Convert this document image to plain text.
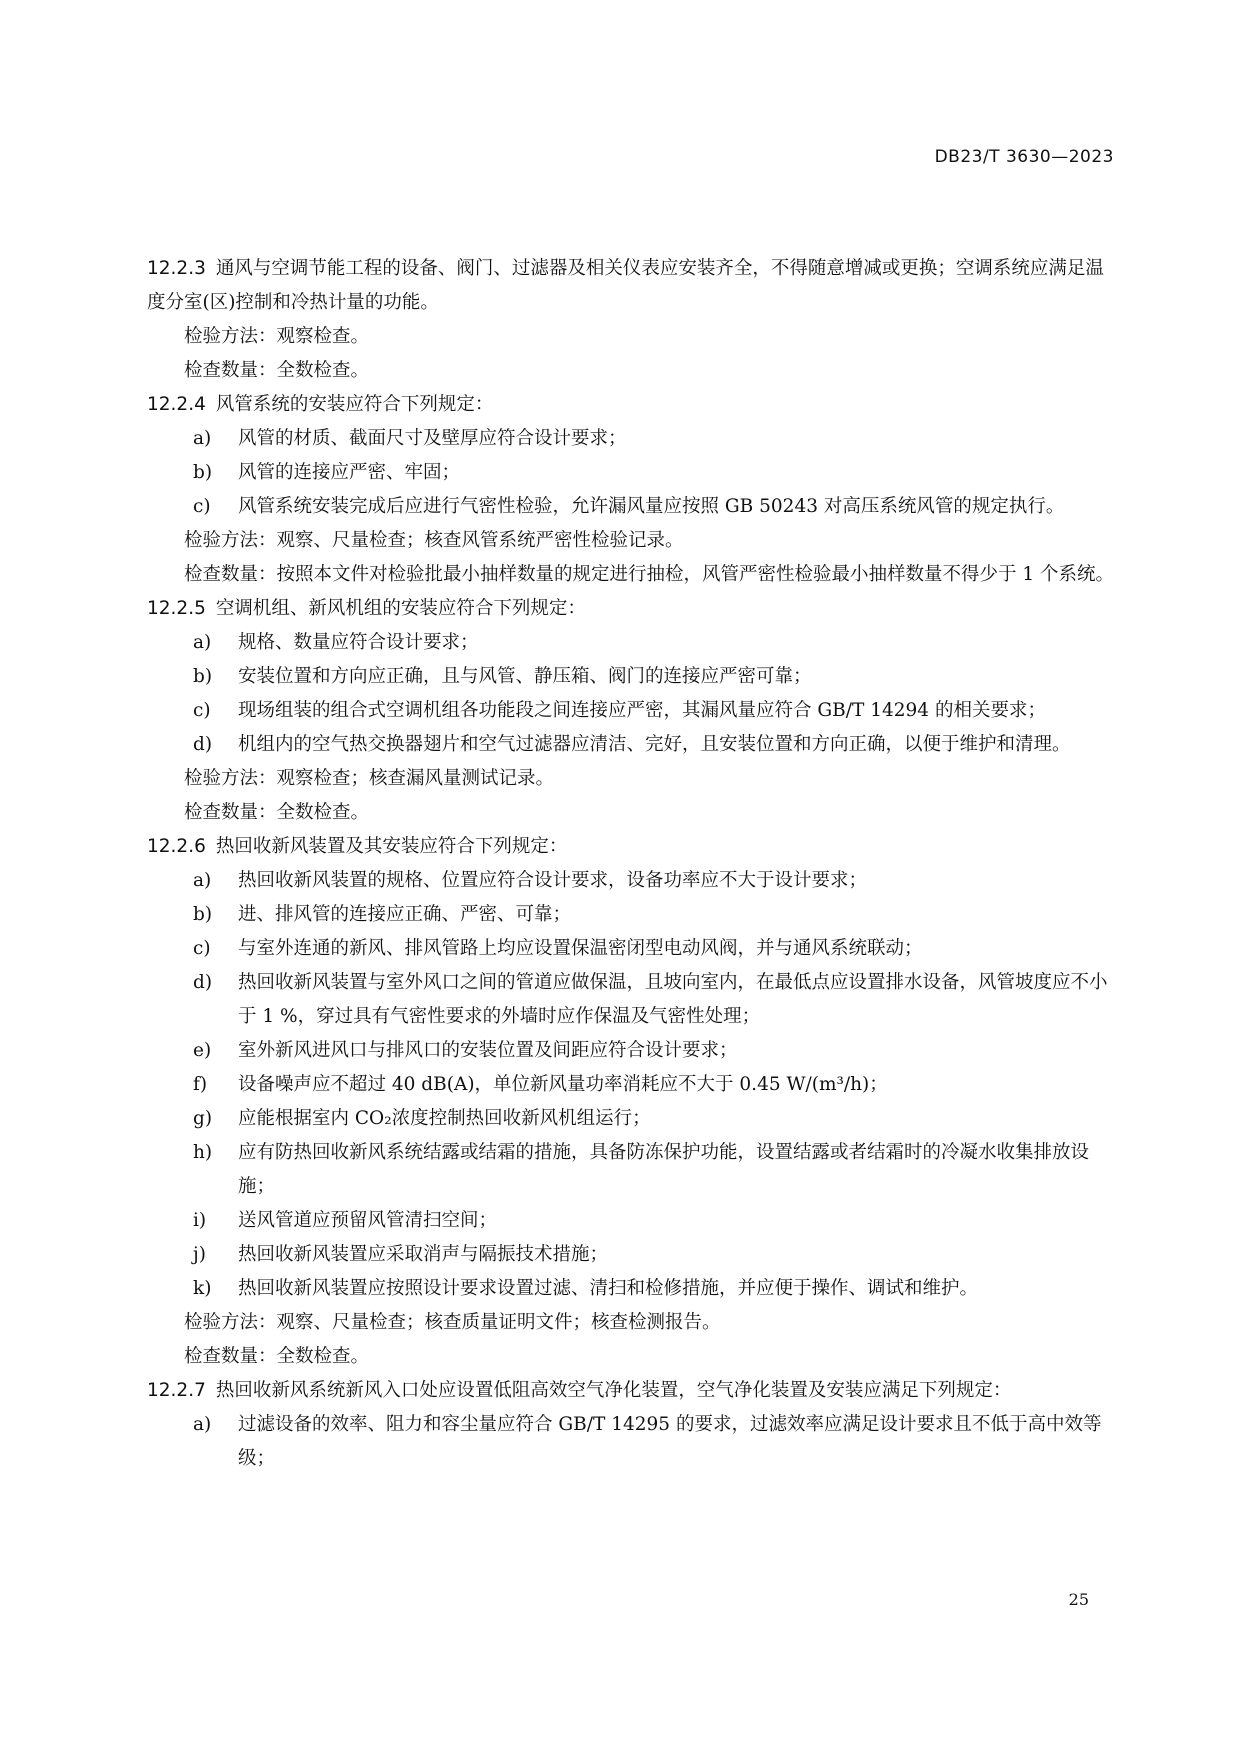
DB23/T 3630—2023

12.2.3 通风与空调节能工程的设备、阀门、过滤器及相关仪表应安装齐全，不得随意增减或更换；空调系统应满足温度分室(区)控制和冷热计量的功能。

检验方法：观察检查。

检查数量：全数检查。

12.2.4 风管系统的安装应符合下列规定：

a)	风管的材质、截面尺寸及壁厚应符合设计要求；
b)	风管的连接应严密、牢固；
c)	风管系统安装完成后应进行气密性检验，允许漏风量应按照 GB 50243 对高压系统风管的规定执行。

检验方法：观察、尺量检查；核查风管系统严密性检验记录。

检查数量：按照本文件对检验批最小抽样数量的规定进行抽检，风管严密性检验最小抽样数量不得少于 1 个系统。

12.2.5 空调机组、新风机组的安装应符合下列规定：

a)	规格、数量应符合设计要求；
b)	安装位置和方向应正确，且与风管、静压箱、阀门的连接应严密可靠；
c)	现场组装的组合式空调机组各功能段之间连接应严密，其漏风量应符合 GB/T 14294 的相关要求；
d)	机组内的空气热交换器翅片和空气过滤器应清洁、完好，且安装位置和方向正确，以便于维护和清理。

检验方法：观察检查；核查漏风量测试记录。

检查数量：全数检查。

12.2.6 热回收新风装置及其安装应符合下列规定：

a)	热回收新风装置的规格、位置应符合设计要求，设备功率应不大于设计要求；
b)	进、排风管的连接应正确、严密、可靠；
c)	与室外连通的新风、排风管路上均应设置保温密闭型电动风阀，并与通风系统联动；
d)	热回收新风装置与室外风口之间的管道应做保温，且坡向室内，在最低点应设置排水设备，风管坡度应不小于 1 %，穿过具有气密性要求的外墙时应作保温及气密性处理；
e)	室外新风进风口与排风口的安装位置及间距应符合设计要求；
f)	设备噪声应不超过 40 dB(A)，单位新风量功率消耗应不大于 0.45 W/(m³/h)；
g)	应能根据室内 CO₂浓度控制热回收新风机组运行；
h)	应有防热回收新风系统结露或结霜的措施，具备防冻保护功能，设置结露或者结霜时的冷凝水收集排放设施；
i)	送风管道应预留风管清扫空间；
j)	热回收新风装置应采取消声与隔振技术措施；
k)	热回收新风装置应按照设计要求设置过滤、清扫和检修措施，并应便于操作、调试和维护。

检验方法：观察、尺量检查；核查质量证明文件；核查检测报告。

检查数量：全数检查。

12.2.7 热回收新风系统新风入口处应设置低阻高效空气净化装置，空气净化装置及安装应满足下列规定：

a)	过滤设备的效率、阻力和容尘量应符合 GB/T 14295 的要求，过滤效率应满足设计要求且不低于高中效等级；
25
